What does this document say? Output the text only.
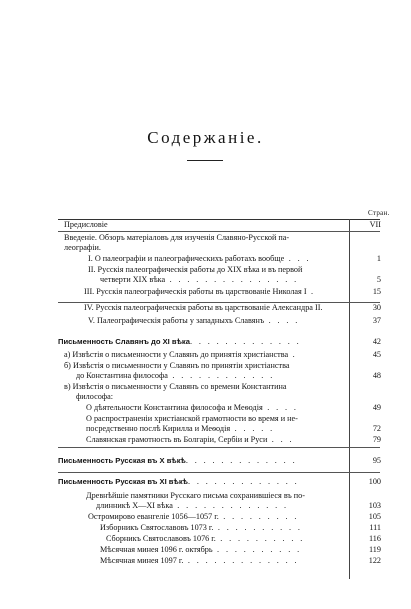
Содержаніе.
Стран.
Предисловіе	VII
Введеніе. Обзоръ матеріаловъ для изученія Славяно-Русской па-
леографіи.
I. О палеографіи и палеографическихъ работахъ вообще . . .	1
II. Русскія палеографическія работы до XIX вѣка и въ первой
четверти XIX вѣка . . . . . . . . . . . . . . .	5
III. Русскія палеографическія работы въ царствованіе Николая I .	15
IV. Русскія палеографическія работы въ царствованіе Александра II.	30
V. Палеографическія работы у западныхъ Славянъ . . . .	37
Письменность Славянъ до XI вѣка. . . . . . . . . . . . .	42
а) Извѣстія о письменности у Славянъ до принятія христіанства .	45
б) Извѣстія о письменности у Славянъ по принятіи христіанства
до Константина философа . . . . . . . . . . . .	48
в) Извѣстія о письменности у Славянъ со времени Константина
философа:
О дѣятельности Константина философа и Меѳодія . . . .	49
О распространеніи христіанской грамотности во время и не-
посредственно послѣ Кирилла и Меѳодія . . . . .	72
Славянская грамотность въ Болгаріи, Сербіи и Руси . . .	79
Письменность Русская въ X вѣкѣ. . . . . . . . . . . . .	95
Письменность Русская въ XI вѣкѣ. . . . . . . . . . . . .	100
Древнѣйшіе памятники Русскаго письма сохранившіеся въ по-
длинникѣ X—XI вѣка . . . . . . . . . . . . .	103
Остромирово евангеліе 1056—1057 г. . . . . . . . . .	105
Изборникъ Святославовъ 1073 г. . . . . . . . . . .	111
Сборникъ Святославовъ 1076 г. . . . . . . . . . .	116
Мѣсячная минея 1096 г. октябрь . . . . . . . . . .	119
Мѣсячная минея 1097 г. . . . . . . . . . . . . .	122
